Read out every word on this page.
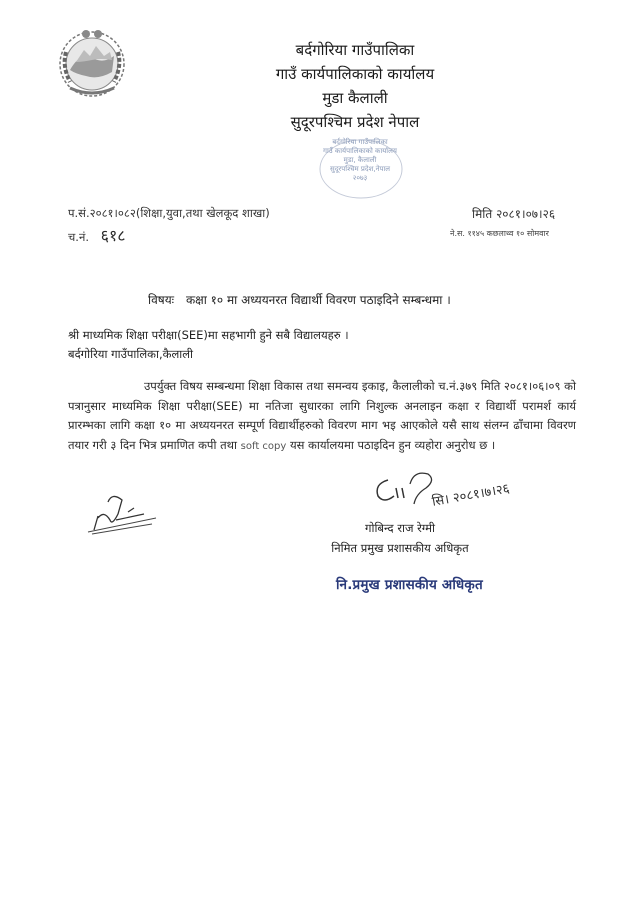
बर्दगोरिया गाउँपालिका
गाउँ कार्यपालिकाको कार्यालय
मुडा कैलाली
सुदूरपश्चिम प्रदेश नेपाल
बर्दगोरिया गाउँपालिका
गाउँ कार्यपालिकाको कार्यालय
मुडा, कैलाली
सुदूरपश्चिम प्रदेश,नेपाल
२०७३
प.सं.२०८१।०८२(शिक्षा,युवा,तथा खेलकूद शाखा)
च.नं. ६१८
मिति २०८१।०७।२६
ने.स. ११४५ कछलाथ्व १० सोमवार
विषयः कक्षा १० मा अध्ययनरत विद्यार्थी विवरण पठाइदिने सम्बन्धमा ।
श्री माध्यमिक शिक्षा परीक्षा(SEE)मा सहभागी हुने सबै विद्यालयहरु ।
बर्दगोरिया गाउँपालिका,कैलाली

उपर्युक्त विषय सम्बन्धमा शिक्षा विकास तथा समन्वय इकाइ, कैलालीको च.नं.३७९ मिति २०८१।०६।०९ को पत्रानुसार माध्यमिक शिक्षा परीक्षा(SEE) मा नतिजा सुधारका लागि निशुल्क अनलाइन कक्षा र विद्यार्थी परामर्श कार्य प्रारम्भका लागि कक्षा १० मा अध्ययनरत सम्पूर्ण विद्यार्थीहरुको विवरण माग भइ आएकोले यसै साथ संलग्न ढाँचामा विवरण तयार गरी ३ दिन भित्र प्रमाणित कपी तथा soft copy यस कार्यालयमा पठाइदिन हुन व्यहोरा अनुरोध छ ।

सि। २०८१।७।२६
गोबिन्द राज रेग्मी
निमित प्रमुख प्रशासकीय अधिकृत
नि.प्रमुख प्रशासकीय अधिकृत
